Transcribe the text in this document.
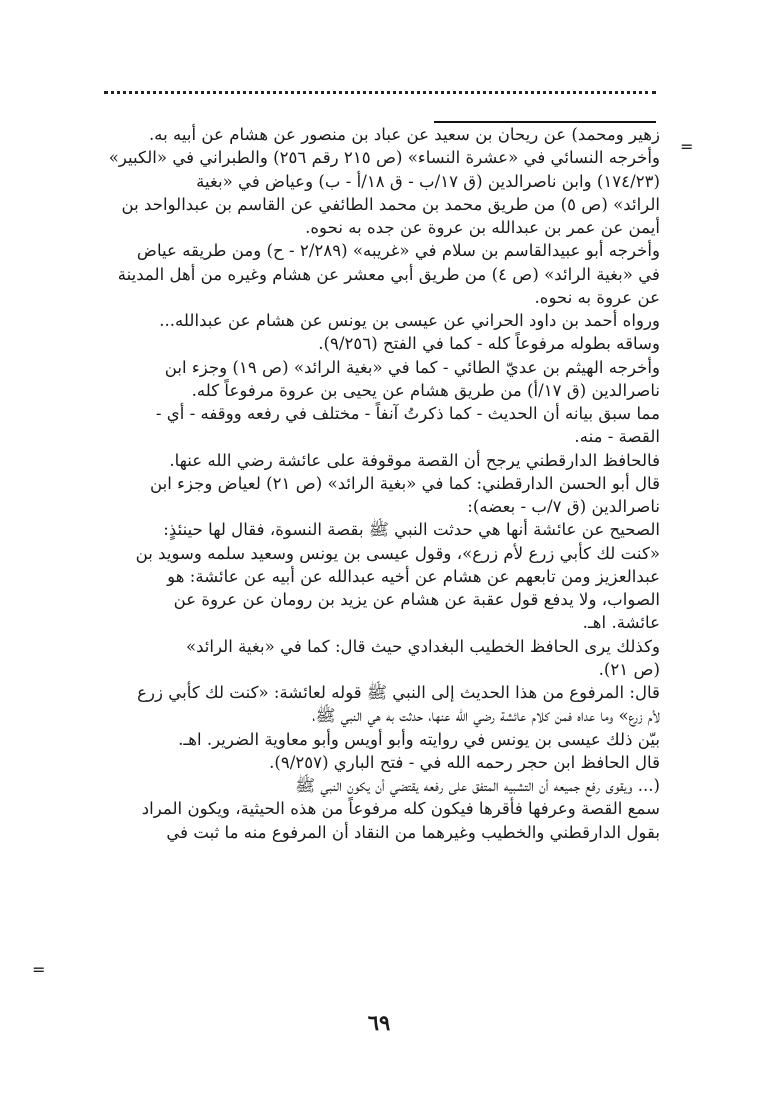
=
=
زهير ومحمد) عن ريحان بن سعيد عن عباد بن منصور عن هشام عن أبيه به.
وأخرجه النسائي في «عشرة النساء» (ص ٢١٥ رقم ٢٥٦) والطبراني في «الكبير»
(١٧٤/٢٣) وابن ناصرالدين (ق ١٧/ب - ق ١٨/أ - ب) وعياض في «بغية
الرائد» (ص ٥) من طريق محمد بن محمد الطائفي عن القاسم بن عبدالواحد بن
أيمن عن عمر بن عبدالله بن عروة عن جده به نحوه.
وأخرجه أبو عبيدالقاسم بن سلام في «غريبه» (٢/٢٨٩ - ح) ومن طريقه عياض
في «بغية الرائد» (ص ٤) من طريق أبي معشر عن هشام وغيره من أهل المدينة
عن عروة به نحوه.
ورواه أحمد بن داود الحراني عن عيسى بن يونس عن هشام عن عبدالله...
وساقه بطوله مرفوعاً كله - كما في الفتح (٩/٢٥٦).
وأخرجه الهيثم بن عديّ الطائي - كما في «بغية الرائد» (ص ١٩) وجزء ابن
ناصرالدين (ق ١٧/أ) من طريق هشام عن يحيى بن عروة مرفوعاً كله.
مما سبق بيانه أن الحديث - كما ذكرتُ آنفاً - مختلف في رفعه ووقفه - أي -
القصة - منه.
فالحافظ الدارقطني يرجح أن القصة موقوفة على عائشة رضي الله عنها.
قال أبو الحسن الدارقطني: كما في «بغية الرائد» (ص ٢١) لعياض وجزء ابن
ناصرالدين (ق ٧/ب - بعضه):
الصحيح عن عائشة أنها هي حدثت النبي ﷺ بقصة النسوة، فقال لها حينئذٍ:
«كنت لك كأبي زرع لأم زرع»، وقول عيسى بن يونس وسعيد سلمه وسويد بن
عبدالعزيز ومن تابعهم عن هشام عن أخيه عبدالله عن أبيه عن عائشة: هو
الصواب، ولا يدفع قول عقبة عن هشام عن يزيد بن رومان عن عروة عن
عائشة. اهـ.
وكذلك يرى الحافظ الخطيب البغدادي حيث قال: كما في «بغية الرائد»
(ص ٢١).
قال: المرفوع من هذا الحديث إلى النبي ﷺ قوله لعائشة: «كنت لك كأبي زرع
لأم زرع» وما عداه فمن كلام عائشة رضي الله عنها، حدثت به هي النبي ﷺ،
بيّن ذلك عيسى بن يونس في روايته وأبو أويس وأبو معاوية الضرير. اهـ.
قال الحافظ ابن حجر رحمه الله في - فتح الباري (٩/٢٥٧).
(... ويقوى رفع جميعه أن التشبيه المتفق على رفعه يقتضي أن يكون النبي ﷺ
سمع القصة وعرفها فأقرها فيكون كله مرفوعاً من هذه الحيثية، ويكون المراد
بقول الدارقطني والخطيب وغيرهما من النقاد أن المرفوع منه ما ثبت في
٦٩
